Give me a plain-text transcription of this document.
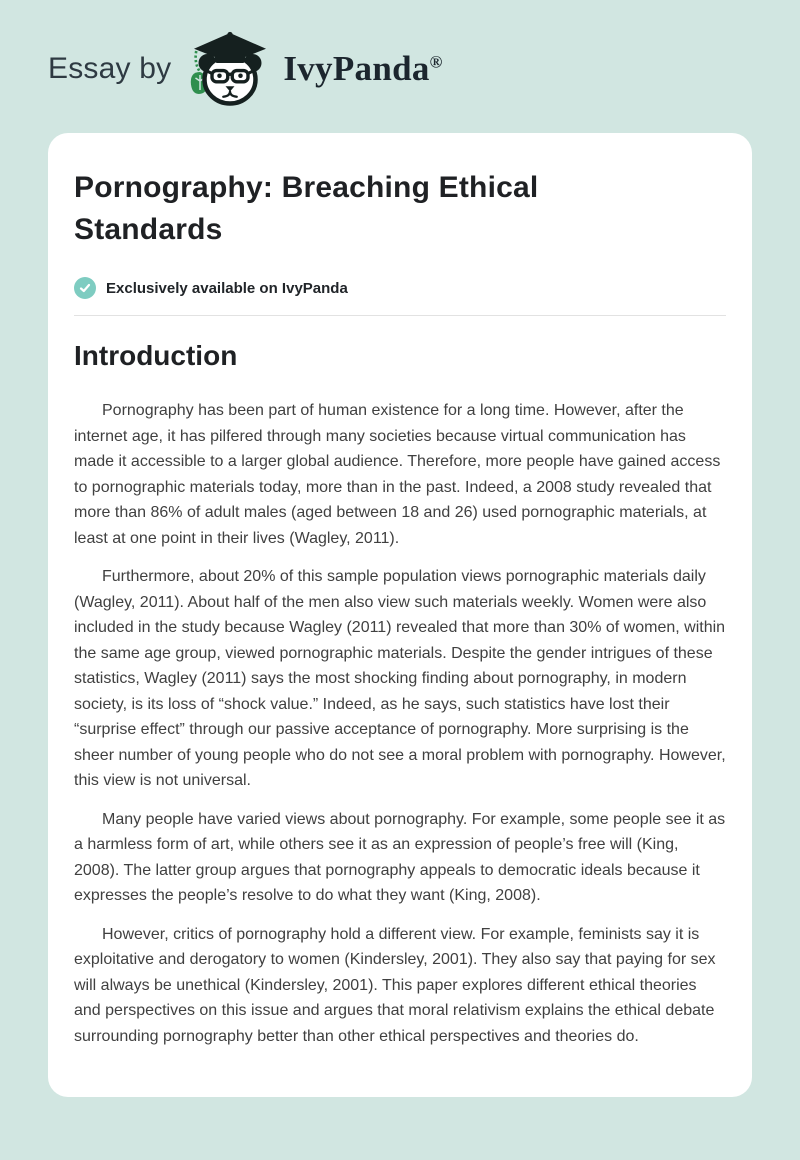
Essay by	IvyPanda®
Pornography: Breaching Ethical Standards
Exclusively available on IvyPanda
Introduction

Pornography has been part of human existence for a long time. However, after the internet age, it has pilfered through many societies because virtual communication has made it accessible to a larger global audience. Therefore, more people have gained access to pornographic materials today, more than in the past. Indeed, a 2008 study revealed that more than 86% of adult males (aged between 18 and 26) used pornographic materials, at least at one point in their lives (Wagley, 2011).

Furthermore, about 20% of this sample population views pornographic materials daily (Wagley, 2011). About half of the men also view such materials weekly. Women were also included in the study because Wagley (2011) revealed that more than 30% of women, within the same age group, viewed pornographic materials. Despite the gender intrigues of these statistics, Wagley (2011) says the most shocking finding about pornography, in modern society, is its loss of “shock value.” Indeed, as he says, such statistics have lost their “surprise effect” through our passive acceptance of pornography. More surprising is the sheer number of young people who do not see a moral problem with pornography. However, this view is not universal.

Many people have varied views about pornography. For example, some people see it as a harmless form of art, while others see it as an expression of people’s free will (King, 2008). The latter group argues that pornography appeals to democratic ideals because it expresses the people’s resolve to do what they want (King, 2008).

However, critics of pornography hold a different view. For example, feminists say it is exploitative and derogatory to women (Kindersley, 2001). They also say that paying for sex will always be unethical (Kindersley, 2001). This paper explores different ethical theories and perspectives on this issue and argues that moral relativism explains the ethical debate surrounding pornography better than other ethical perspectives and theories do.
